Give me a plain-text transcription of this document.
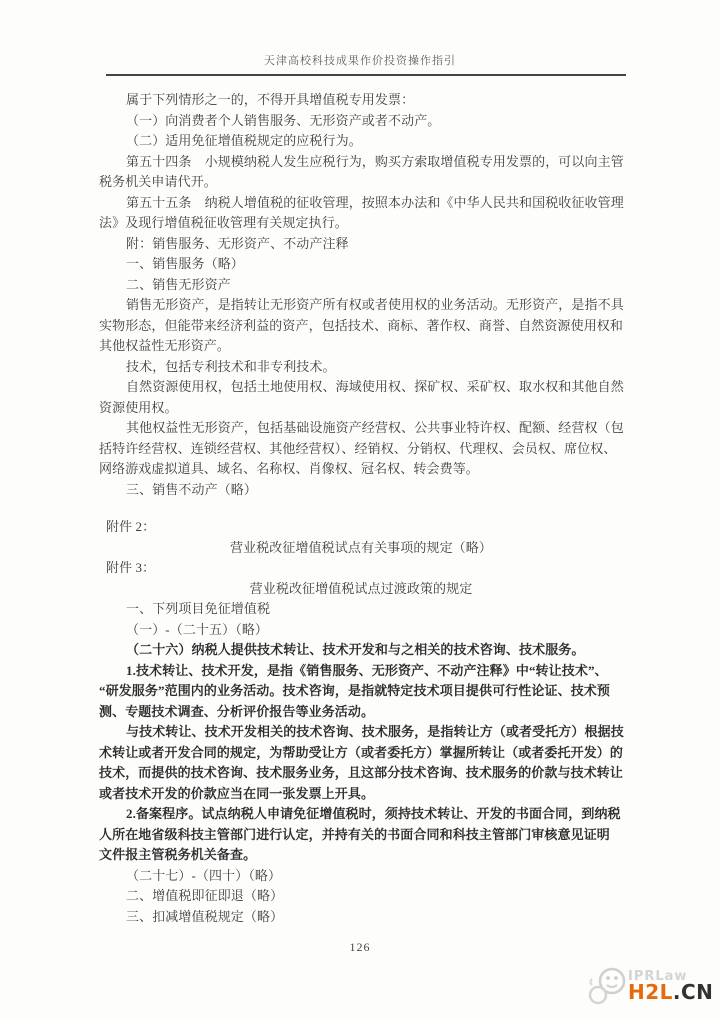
天津高校科技成果作价投资操作指引
属于下列情形之一的，不得开具增值税专用发票：
（一）向消费者个人销售服务、无形资产或者不动产。
（二）适用免征增值税规定的应税行为。
第五十四条　小规模纳税人发生应税行为，购买方索取增值税专用发票的，可以向主管
税务机关申请代开。
第五十五条　纳税人增值税的征收管理，按照本办法和《中华人民共和国税收征收管理
法》及现行增值税征收管理有关规定执行。
附：销售服务、无形资产、不动产注释
一、销售服务（略）
二、销售无形资产
销售无形资产，是指转让无形资产所有权或者使用权的业务活动。无形资产，是指不具
实物形态，但能带来经济利益的资产，包括技术、商标、著作权、商誉、自然资源使用权和
其他权益性无形资产。
技术，包括专利技术和非专利技术。
自然资源使用权，包括土地使用权、海域使用权、探矿权、采矿权、取水权和其他自然
资源使用权。
其他权益性无形资产，包括基础设施资产经营权、公共事业特许权、配额、经营权（包
括特许经营权、连锁经营权、其他经营权）、经销权、分销权、代理权、会员权、席位权、
网络游戏虚拟道具、域名、名称权、肖像权、冠名权、转会费等。
三、销售不动产（略）
附件 2：
营业税改征增值税试点有关事项的规定（略）
附件 3：
营业税改征增值税试点过渡政策的规定
一、下列项目免征增值税
（一）-（二十五）（略）
（二十六）纳税人提供技术转让、技术开发和与之相关的技术咨询、技术服务。
1.技术转让、技术开发，是指《销售服务、无形资产、不动产注释》中“转让技术”、
“研发服务”范围内的业务活动。技术咨询，是指就特定技术项目提供可行性论证、技术预
测、专题技术调查、分析评价报告等业务活动。
与技术转让、技术开发相关的技术咨询、技术服务，是指转让方（或者受托方）根据技
术转让或者开发合同的规定，为帮助受让方（或者委托方）掌握所转让（或者委托开发）的
技术，而提供的技术咨询、技术服务业务，且这部分技术咨询、技术服务的价款与技术转让
或者技术开发的价款应当在同一张发票上开具。
2.备案程序。试点纳税人申请免征增值税时，须持技术转让、开发的书面合同，到纳税
人所在地省级科技主管部门进行认定，并持有关的书面合同和科技主管部门审核意见证明
文件报主管税务机关备查。
（二十七）-（四十）（略）
二、增值税即征即退（略）
三、扣减增值税规定（略）
126
IPRLaw
H2L.CN
